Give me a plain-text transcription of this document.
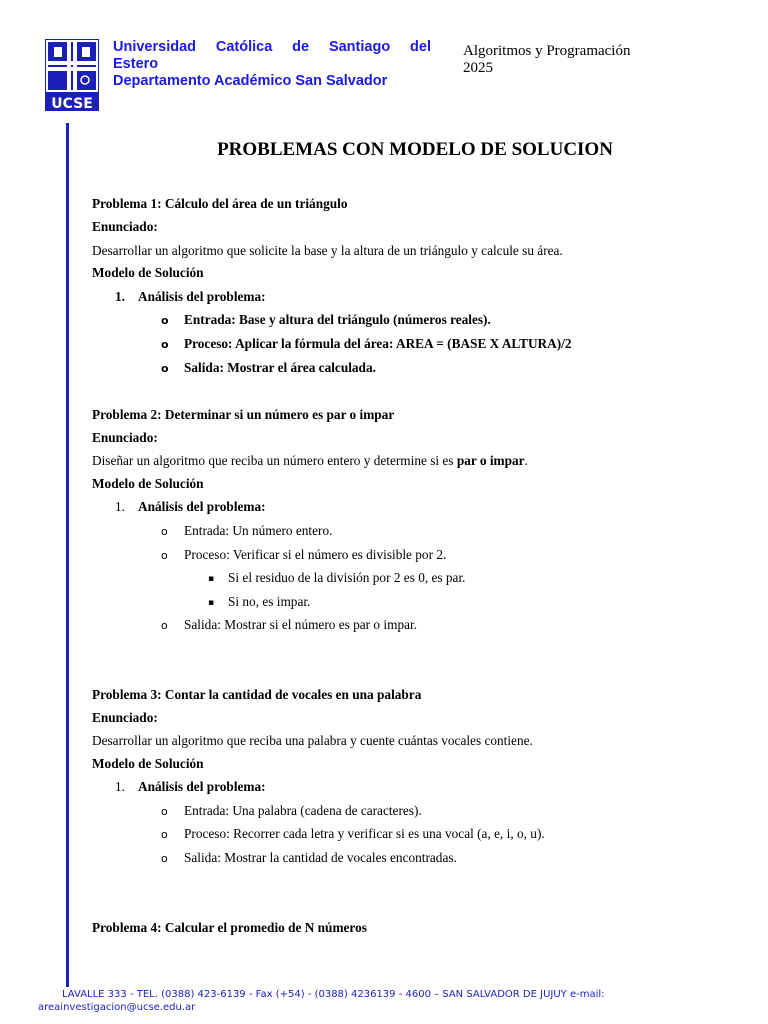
UCSE
Universidad Católica de Santiago del
Estero
Departamento Académico San Salvador
Algoritmos y Programación
2025
PROBLEMAS CON MODELO DE SOLUCION
Problema 1: Cálculo del área de un triángulo
Enunciado:
Desarrollar un algoritmo que solicite la base y la altura de un triángulo y calcule su área.
Modelo de Solución
1. Análisis del problema:
o Entrada: Base y altura del triángulo (números reales).
o Proceso: Aplicar la fórmula del área: AREA = (BASE X ALTURA)/2
o Salida: Mostrar el área calculada.
Problema 2: Determinar si un número es par o impar
Enunciado:
Diseñar un algoritmo que reciba un número entero y determine si es par o impar.
Modelo de Solución
1. Análisis del problema:
o Entrada: Un número entero.
o Proceso: Verificar si el número es divisible por 2.
▪ Si el residuo de la división por 2 es 0, es par.
▪ Si no, es impar.
o Salida: Mostrar si el número es par o impar.
Problema 3: Contar la cantidad de vocales en una palabra
Enunciado:
Desarrollar un algoritmo que reciba una palabra y cuente cuántas vocales contiene.
Modelo de Solución
1. Análisis del problema:
o Entrada: Una palabra (cadena de caracteres).
o Proceso: Recorrer cada letra y verificar si es una vocal (a, e, i, o, u).
o Salida: Mostrar la cantidad de vocales encontradas.
Problema 4: Calcular el promedio de N números
LAVALLE 333 - TEL. (0388) 423-6139 - Fax (+54) - (0388) 4236139 - 4600 – SAN SALVADOR DE JUJUY e-mail:
areainvestigacion@ucse.edu.ar
